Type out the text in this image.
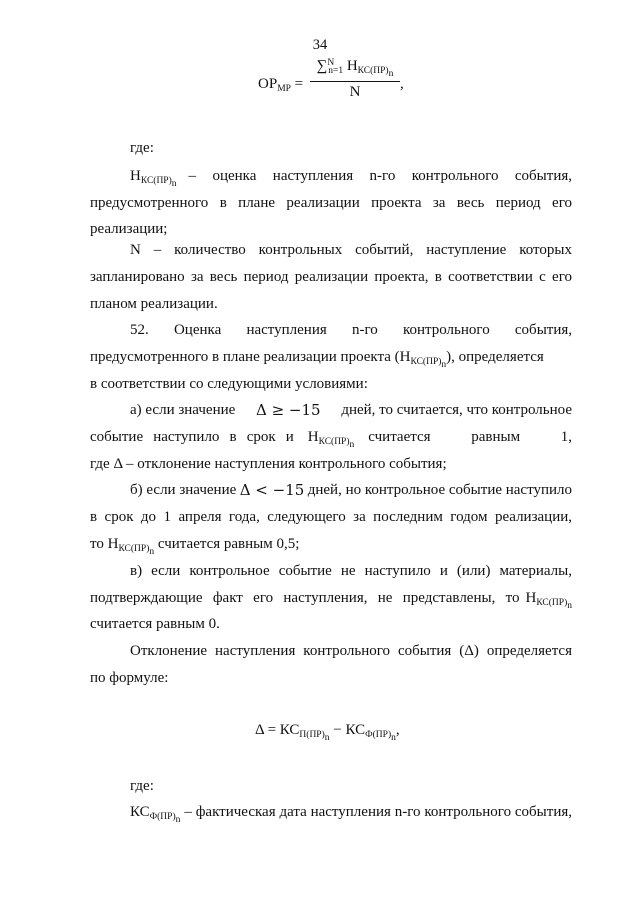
34
$ОР_{МР}$ =
∑$^N_{n=1}$ $Н_{КС(ПР)_n}$
N	,
где:
$Н_{КС(ПР)_n}$ – оценка наступления n-го контрольного события,
предусмотренного в плане реализации проекта за весь период его
реализации;
N – количество контрольных событий, наступление которых
запланировано за весь период реализации проекта, в соответствии с его
планом реализации.
52. Оценка наступления n-го контрольного события,
предусмотренного в плане реализации проекта $(Н_{КС(ПР)_n})$, определяется
в соответствии со следующими условиями:
а) если значение Δ ≥ −15 дней, то считается, что контрольное
событие наступило в срок и $Н_{КС(ПР)_n}$ считается равным 1,
где Δ – отклонение наступления контрольного события;
б) если значение Δ < −15 дней, но контрольное событие наступило
в срок до 1 апреля года, следующего за последним годом реализации,
то $Н_{КС(ПР)_n}$ считается равным 0,5;
в) если контрольное событие не наступило и (или) материалы,
подтверждающие факт его наступления, не представлены, то $Н_{КС(ПР)_n}$
считается равным 0.
Отклонение наступления контрольного события (Δ) определяется
по формуле:
$\Delta = КС_{П(ПР)_n} - КС_{Ф(ПР)_n}$,
где:
$КС_{Ф(ПР)_n}$ – фактическая дата наступления n-го контрольного события,
